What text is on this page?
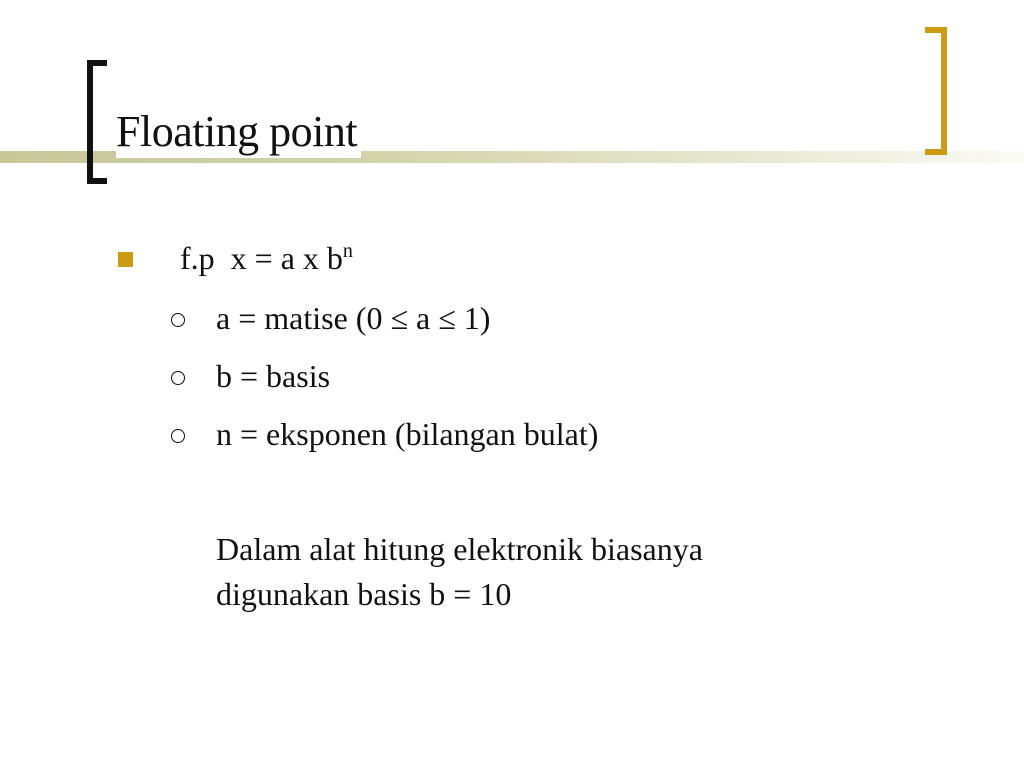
Floating point
f.p  x = a x $b^n$
a = matise (0 ≤ a ≤ 1)
b = basis
n = eksponen (bilangan bulat)
Dalam alat hitung elektronik biasanya
digunakan basis b = 10
